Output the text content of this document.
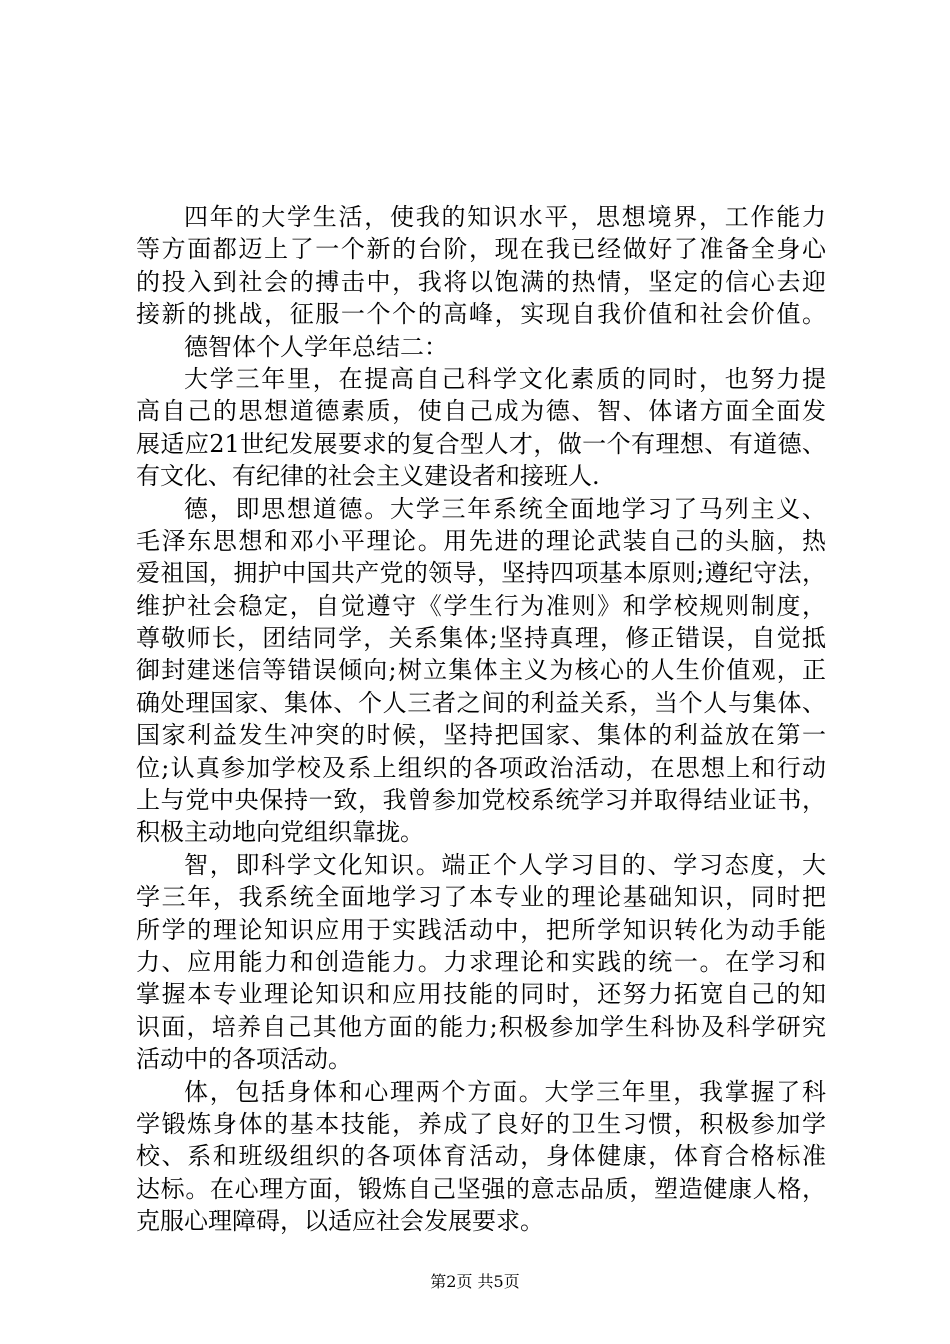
四年的大学生活，使我的知识水平，思想境界，工作能力
等方面都迈上了一个新的台阶，现在我已经做好了准备全身心
的投入到社会的搏击中，我将以饱满的热情，坚定的信心去迎
接新的挑战，征服一个个的高峰，实现自我价值和社会价值。
德智体个人学年总结二：
大学三年里，在提高自己科学文化素质的同时，也努力提
高自己的思想道德素质，使自己成为德、智、体诸方面全面发
展适应21世纪发展要求的复合型人才，做一个有理想、有道德、
有文化、有纪律的社会主义建设者和接班人.
德，即思想道德。大学三年系统全面地学习了马列主义、
毛泽东思想和邓小平理论。用先进的理论武装自己的头脑，热
爱祖国，拥护中国共产党的领导，坚持四项基本原则;遵纪守法，
维护社会稳定，自觉遵守《学生行为准则》和学校规则制度，
尊敬师长，团结同学，关系集体;坚持真理，修正错误，自觉抵
御封建迷信等错误倾向;树立集体主义为核心的人生价值观，正
确处理国家、集体、个人三者之间的利益关系，当个人与集体、
国家利益发生冲突的时候，坚持把国家、集体的利益放在第一
位;认真参加学校及系上组织的各项政治活动，在思想上和行动
上与党中央保持一致，我曾参加党校系统学习并取得结业证书，
积极主动地向党组织靠拢。
智，即科学文化知识。端正个人学习目的、学习态度，大
学三年，我系统全面地学习了本专业的理论基础知识，同时把
所学的理论知识应用于实践活动中，把所学知识转化为动手能
力、应用能力和创造能力。力求理论和实践的统一。在学习和
掌握本专业理论知识和应用技能的同时，还努力拓宽自己的知
识面，培养自己其他方面的能力;积极参加学生科协及科学研究
活动中的各项活动。
体，包括身体和心理两个方面。大学三年里，我掌握了科
学锻炼身体的基本技能，养成了良好的卫生习惯，积极参加学
校、系和班级组织的各项体育活动，身体健康，体育合格标准
达标。在心理方面，锻炼自己坚强的意志品质，塑造健康人格，
克服心理障碍，以适应社会发展要求。
第2页 共5页
